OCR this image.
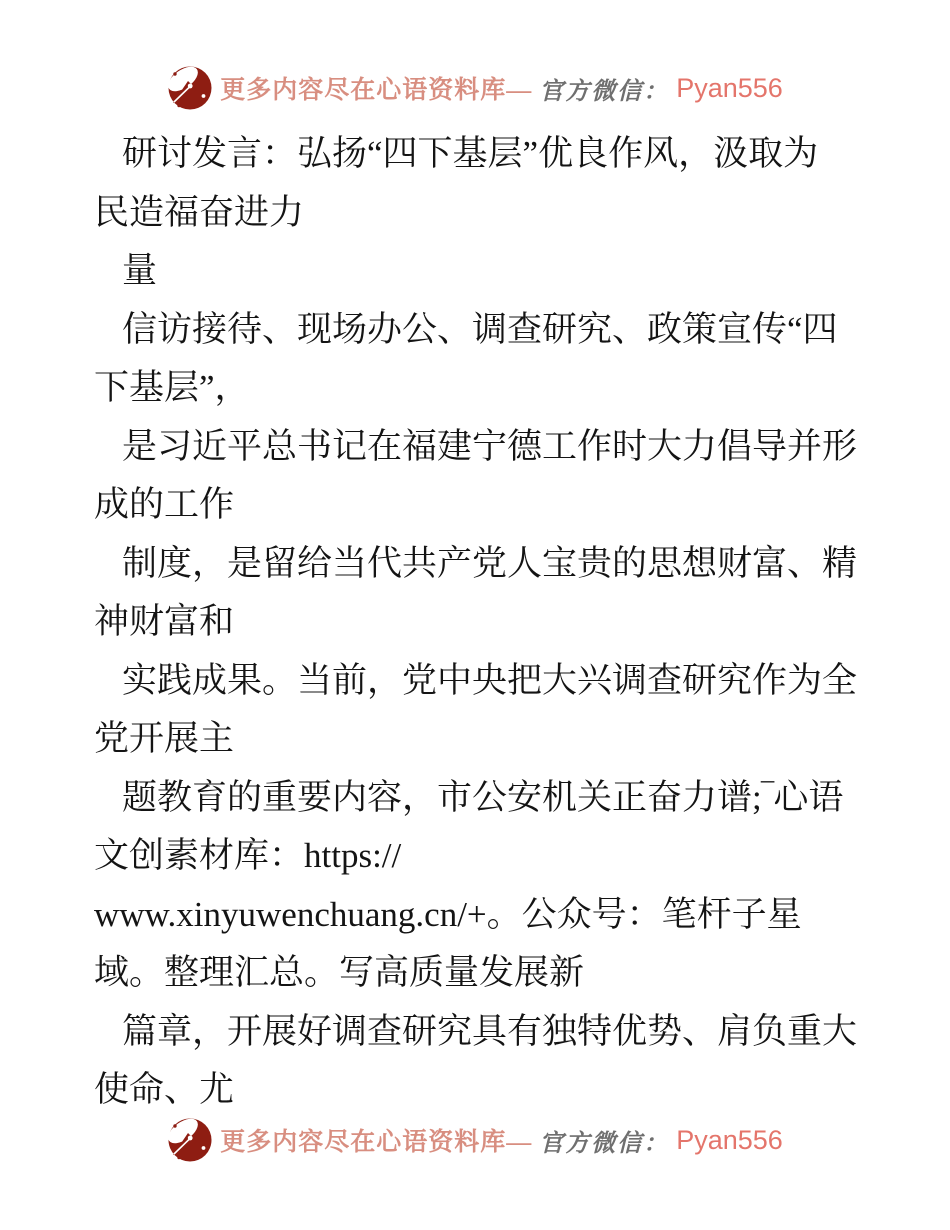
更多内容尽在心语资料库— 官方微信： Pyan556
研讨发言：弘扬“四下基层”优良作风，汲取为
民造福奋进力
量
信访接待、现场办公、调查研究、政策宣传“四
下基层”，
是习近平总书记在福建宁德工作时大力倡导并形
成的工作
制度，是留给当代共产党人宝贵的思想财富、精
神财富和
实践成果。当前，党中央把大兴调查研究作为全
党开展主
题教育的重要内容，市公安机关正奋力谱;‾心语
文创素材库：https://
www.xinyuwenchuang.cn/+。公众号：笔杆子星
域。整理汇总。写高质量发展新
篇章，开展好调查研究具有独特优势、肩负重大
使命、尤
更多内容尽在心语资料库— 官方微信： Pyan556
